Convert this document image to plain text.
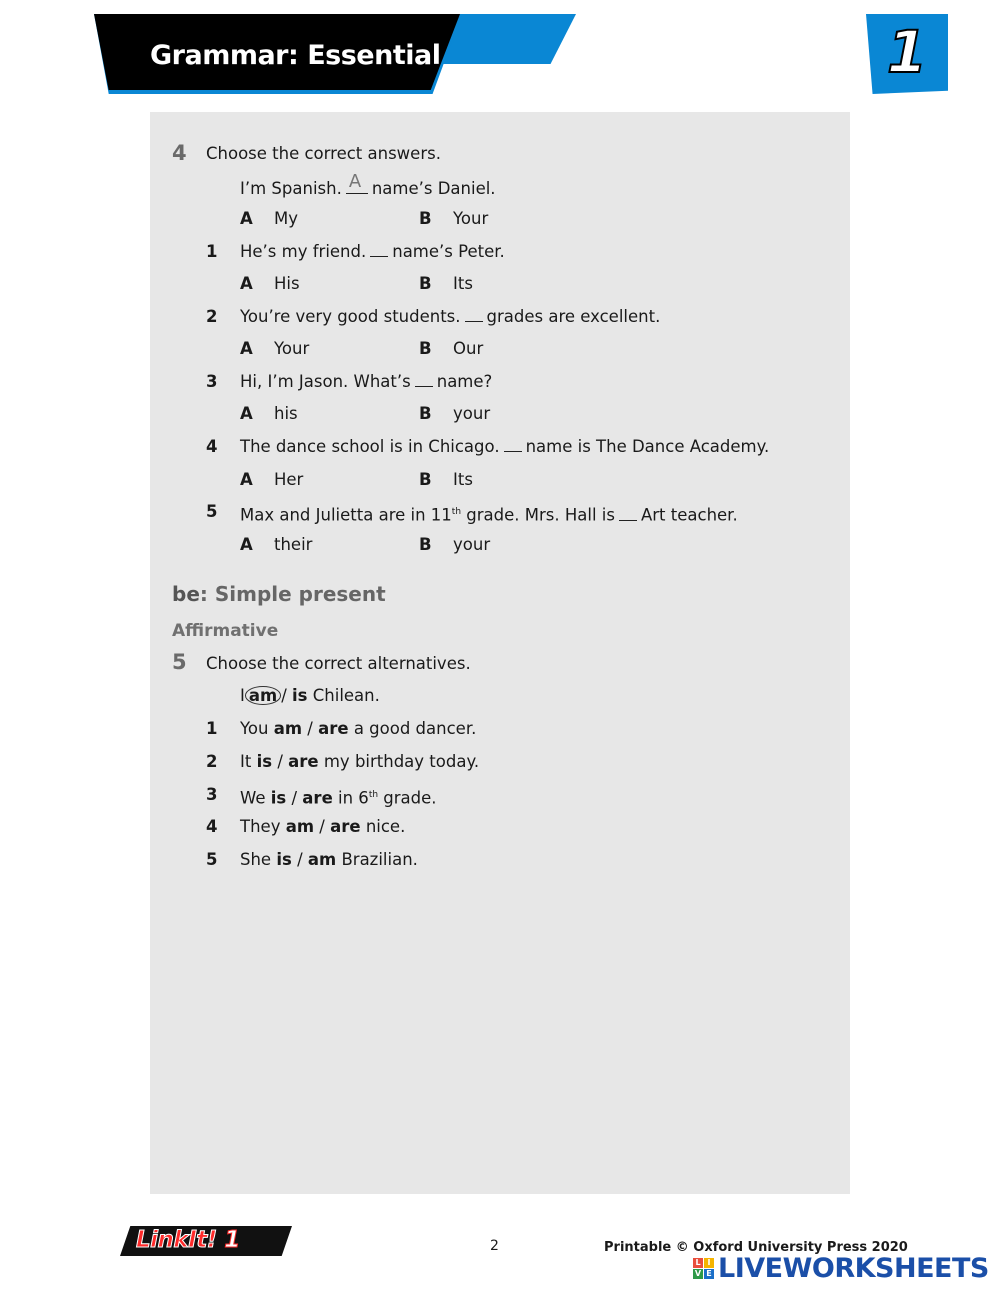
Grammar: Essential	1
4 Choose the correct answers.
I’m Spanish. A name’s Daniel.
A My	B Your
1 He’s my friend. name’s Peter.
A His	B Its
2 You’re very good students. grades are excellent.
A Your	B Our
3 Hi, I’m Jason. What’s name?
A his	B your
4 The dance school is in Chicago. name is The Dance Academy.
A Her	B Its
5 Max and Julietta are in 11th grade. Mrs. Hall is Art teacher.
A their	B your
be: Simple present
Affirmative
5 Choose the correct alternatives.
I am / is Chilean.
1 You am / are a good dancer.
2 It is / are my birthday today.
3 We is / are in 6th grade.
4 They am / are nice.
5 She is / am Brazilian.
LinkIt! 1	2	Printable © Oxford University Press 2020
L I
V E LIVEWORKSHEETS
